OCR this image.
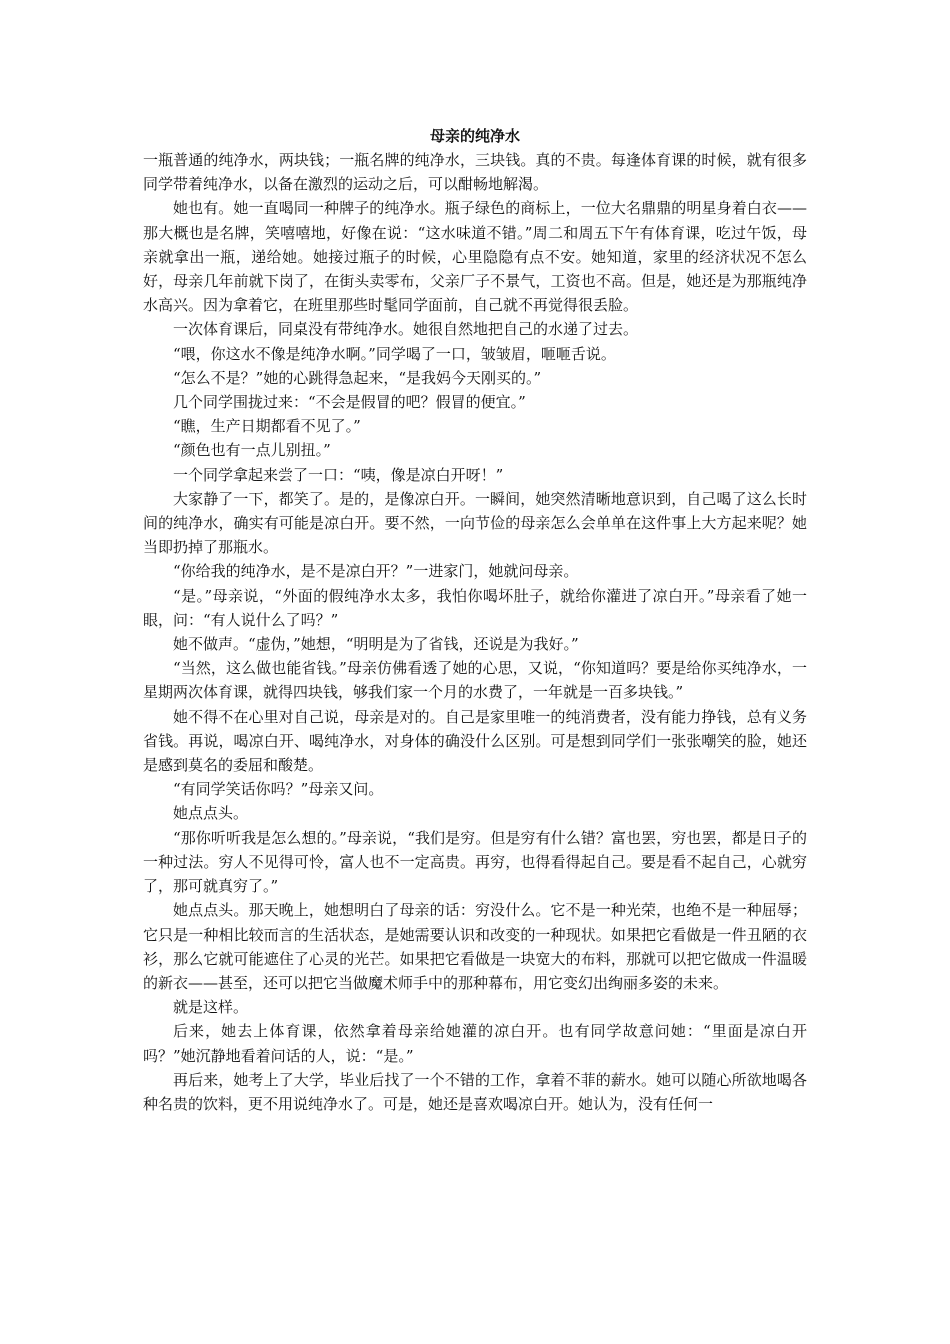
母亲的纯净水

一瓶普通的纯净水，两块钱；一瓶名牌的纯净水，三块钱。真的不贵。每逢体育课的时候，就有很多同学带着纯净水，以备在激烈的运动之后，可以酣畅地解渴。

她也有。她一直喝同一种牌子的纯净水。瓶子绿色的商标上，一位大名鼎鼎的明星身着白衣——那大概也是名牌，笑嘻嘻地，好像在说：“这水味道不错。”周二和周五下午有体育课，吃过午饭，母亲就拿出一瓶，递给她。她接过瓶子的时候，心里隐隐有点不安。她知道，家里的经济状况不怎么好，母亲几年前就下岗了，在街头卖零布，父亲厂子不景气，工资也不高。但是，她还是为那瓶纯净水高兴。因为拿着它，在班里那些时髦同学面前，自己就不再觉得很丢脸。

一次体育课后，同桌没有带纯净水。她很自然地把自己的水递了过去。

“喂，你这水不像是纯净水啊。”同学喝了一口，皱皱眉，咂咂舌说。

“怎么不是？”她的心跳得急起来，“是我妈今天刚买的。”

几个同学围拢过来：“不会是假冒的吧？假冒的便宜。”

“瞧，生产日期都看不见了。”

“颜色也有一点儿别扭。”

一个同学拿起来尝了一口：“咦，像是凉白开呀！”

大家静了一下，都笑了。是的，是像凉白开。一瞬间，她突然清晰地意识到，自己喝了这么长时间的纯净水，确实有可能是凉白开。要不然，一向节俭的母亲怎么会单单在这件事上大方起来呢？她当即扔掉了那瓶水。

“你给我的纯净水，是不是凉白开？”一进家门，她就问母亲。

“是。”母亲说，“外面的假纯净水太多，我怕你喝坏肚子，就给你灌进了凉白开。”母亲看了她一眼，问：“有人说什么了吗？”

她不做声。“虚伪，”她想，“明明是为了省钱，还说是为我好。”

“当然，这么做也能省钱。”母亲仿佛看透了她的心思，又说，“你知道吗？要是给你买纯净水，一星期两次体育课，就得四块钱，够我们家一个月的水费了，一年就是一百多块钱。”

她不得不在心里对自己说，母亲是对的。自己是家里唯一的纯消费者，没有能力挣钱，总有义务省钱。再说，喝凉白开、喝纯净水，对身体的确没什么区别。可是想到同学们一张张嘲笑的脸，她还是感到莫名的委屈和酸楚。

“有同学笑话你吗？”母亲又问。

她点点头。

“那你听听我是怎么想的。”母亲说，“我们是穷。但是穷有什么错？富也罢，穷也罢，都是日子的一种过法。穷人不见得可怜，富人也不一定高贵。再穷，也得看得起自己。要是看不起自己，心就穷了，那可就真穷了。”

她点点头。那天晚上，她想明白了母亲的话：穷没什么。它不是一种光荣，也绝不是一种屈辱；它只是一种相比较而言的生活状态，是她需要认识和改变的一种现状。如果把它看做是一件丑陋的衣衫，那么它就可能遮住了心灵的光芒。如果把它看做是一块宽大的布料，那就可以把它做成一件温暖的新衣——甚至，还可以把它当做魔术师手中的那种幕布，用它变幻出绚丽多姿的未来。

就是这样。

后来，她去上体育课，依然拿着母亲给她灌的凉白开。也有同学故意问她：“里面是凉白开吗？”她沉静地看着问话的人，说：“是。”

再后来，她考上了大学，毕业后找了一个不错的工作，拿着不菲的薪水。她可以随心所欲地喝各种名贵的饮料，更不用说纯净水了。可是，她还是喜欢喝凉白开。她认为，没有任何一
